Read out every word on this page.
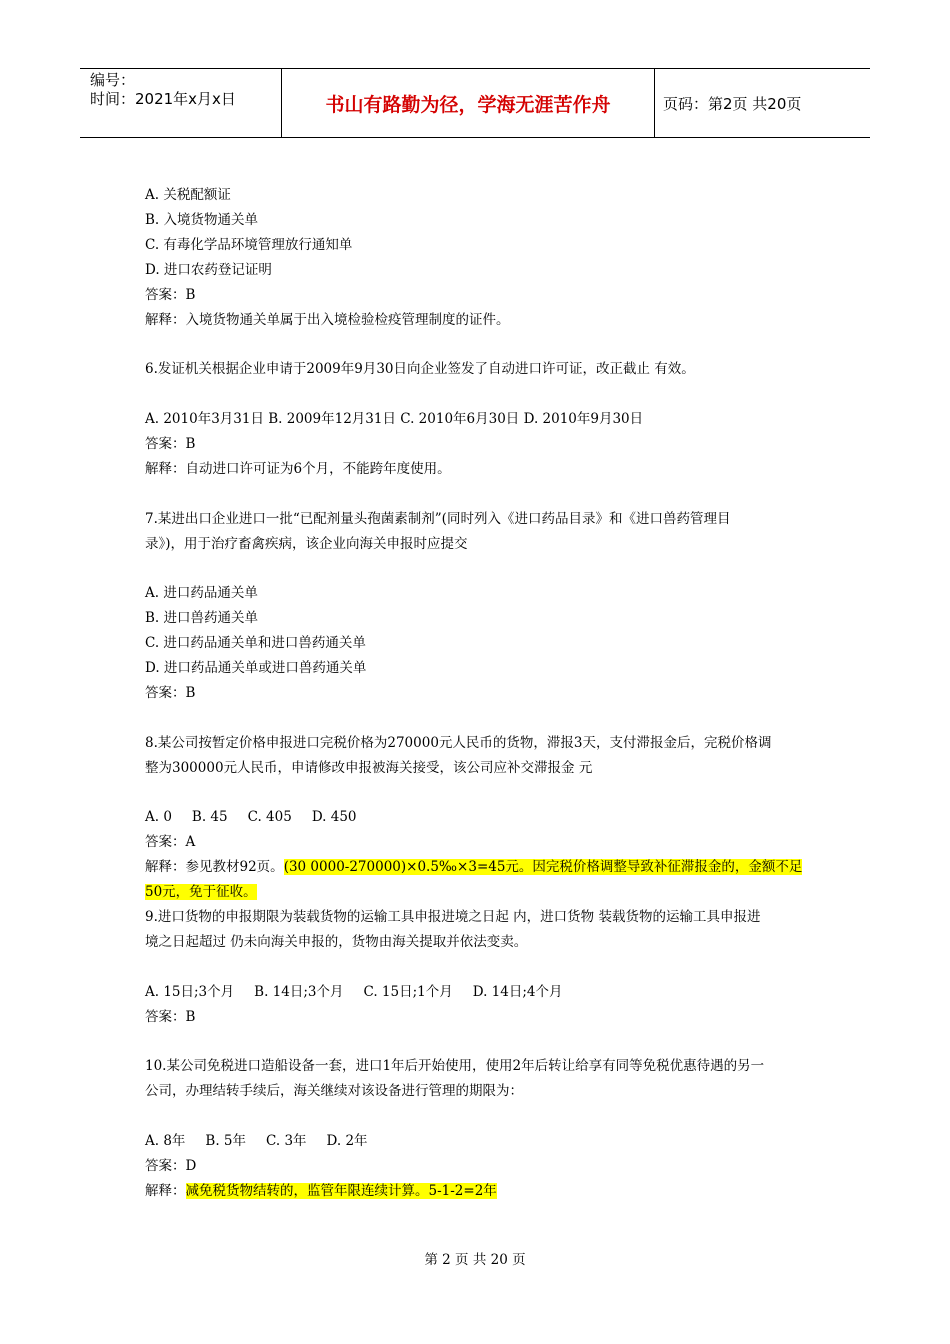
编号：
时间：2021年x月x日	书山有路勤为径，学海无涯苦作舟	页码：第2页 共20页
A. 关税配额证
B. 入境货物通关单
C. 有毒化学品环境管理放行通知单
D. 进口农药登记证明
答案：B
解释：入境货物通关单属于出入境检验检疫管理制度的证件。
6.发证机关根据企业申请于2009年9月30日向企业签发了自动进口许可证，改正截止 有效。
A. 2010年3月31日 B. 2009年12月31日 C. 2010年6月30日 D. 2010年9月30日
答案：B
解释：自动进口许可证为6个月，不能跨年度使用。
7.某进出口企业进口一批“已配剂量头孢菌素制剂”(同时列入《进口药品目录》和《进口兽药管理目
录》)，用于治疗畜禽疾病，该企业向海关申报时应提交
A. 进口药品通关单
B. 进口兽药通关单
C. 进口药品通关单和进口兽药通关单
D. 进口药品通关单或进口兽药通关单
答案：B
8.某公司按暂定价格申报进口完税价格为270000元人民币的货物，滞报3天，支付滞报金后，完税价格调
整为300000元人民币，申请修改申报被海关接受，该公司应补交滞报金 元
A. 0 B. 45 C. 405 D. 450
答案：A
解释：参见教材92页。(30 0000-270000)×0.5‰×3=45元。因完税价格调整导致补征滞报金的，金额不足
50元，免于征收。
9.进口货物的申报期限为装载货物的运输工具申报进境之日起 内，进口货物 装载货物的运输工具申报进
境之日起超过 仍未向海关申报的，货物由海关提取并依法变卖。
A. 15日;3个月 B. 14日;3个月 C. 15日;1个月 D. 14日;4个月
答案：B
10.某公司免税进口造船设备一套，进口1年后开始使用，使用2年后转让给享有同等免税优惠待遇的另一
公司，办理结转手续后，海关继续对该设备进行管理的期限为：
A. 8年 B. 5年 C. 3年 D. 2年
答案：D
解释：减免税货物结转的，监管年限连续计算。5-1-2=2年
第 2 页 共 20 页
